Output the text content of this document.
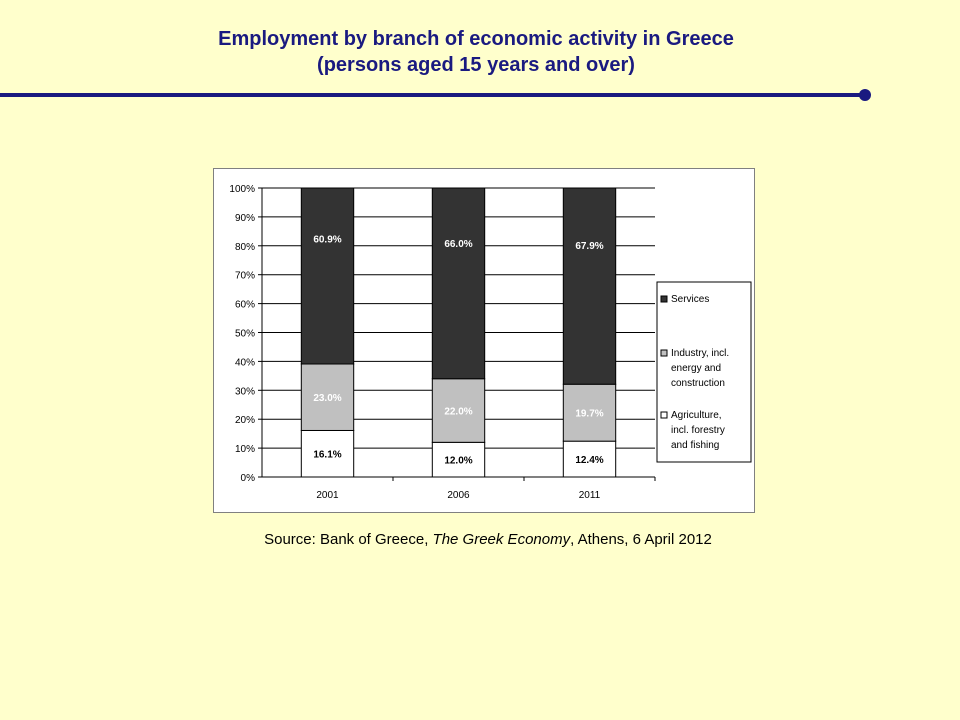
Employment by branch of economic activity in Greece
(persons aged 15 years and over)
0%
10%
20%
30%
40%
50%
60%
70%
80%
90%
100%
16.1%
23.0%
60.9%
2001
12.0%
22.0%
66.0%
2006
12.4%
19.7%
67.9%
2011
Services
Industry, incl.
energy and
construction
Agriculture,
incl. forestry
and fishing
Source: Bank of Greece, The Greek Economy, Athens, 6 April 2012
